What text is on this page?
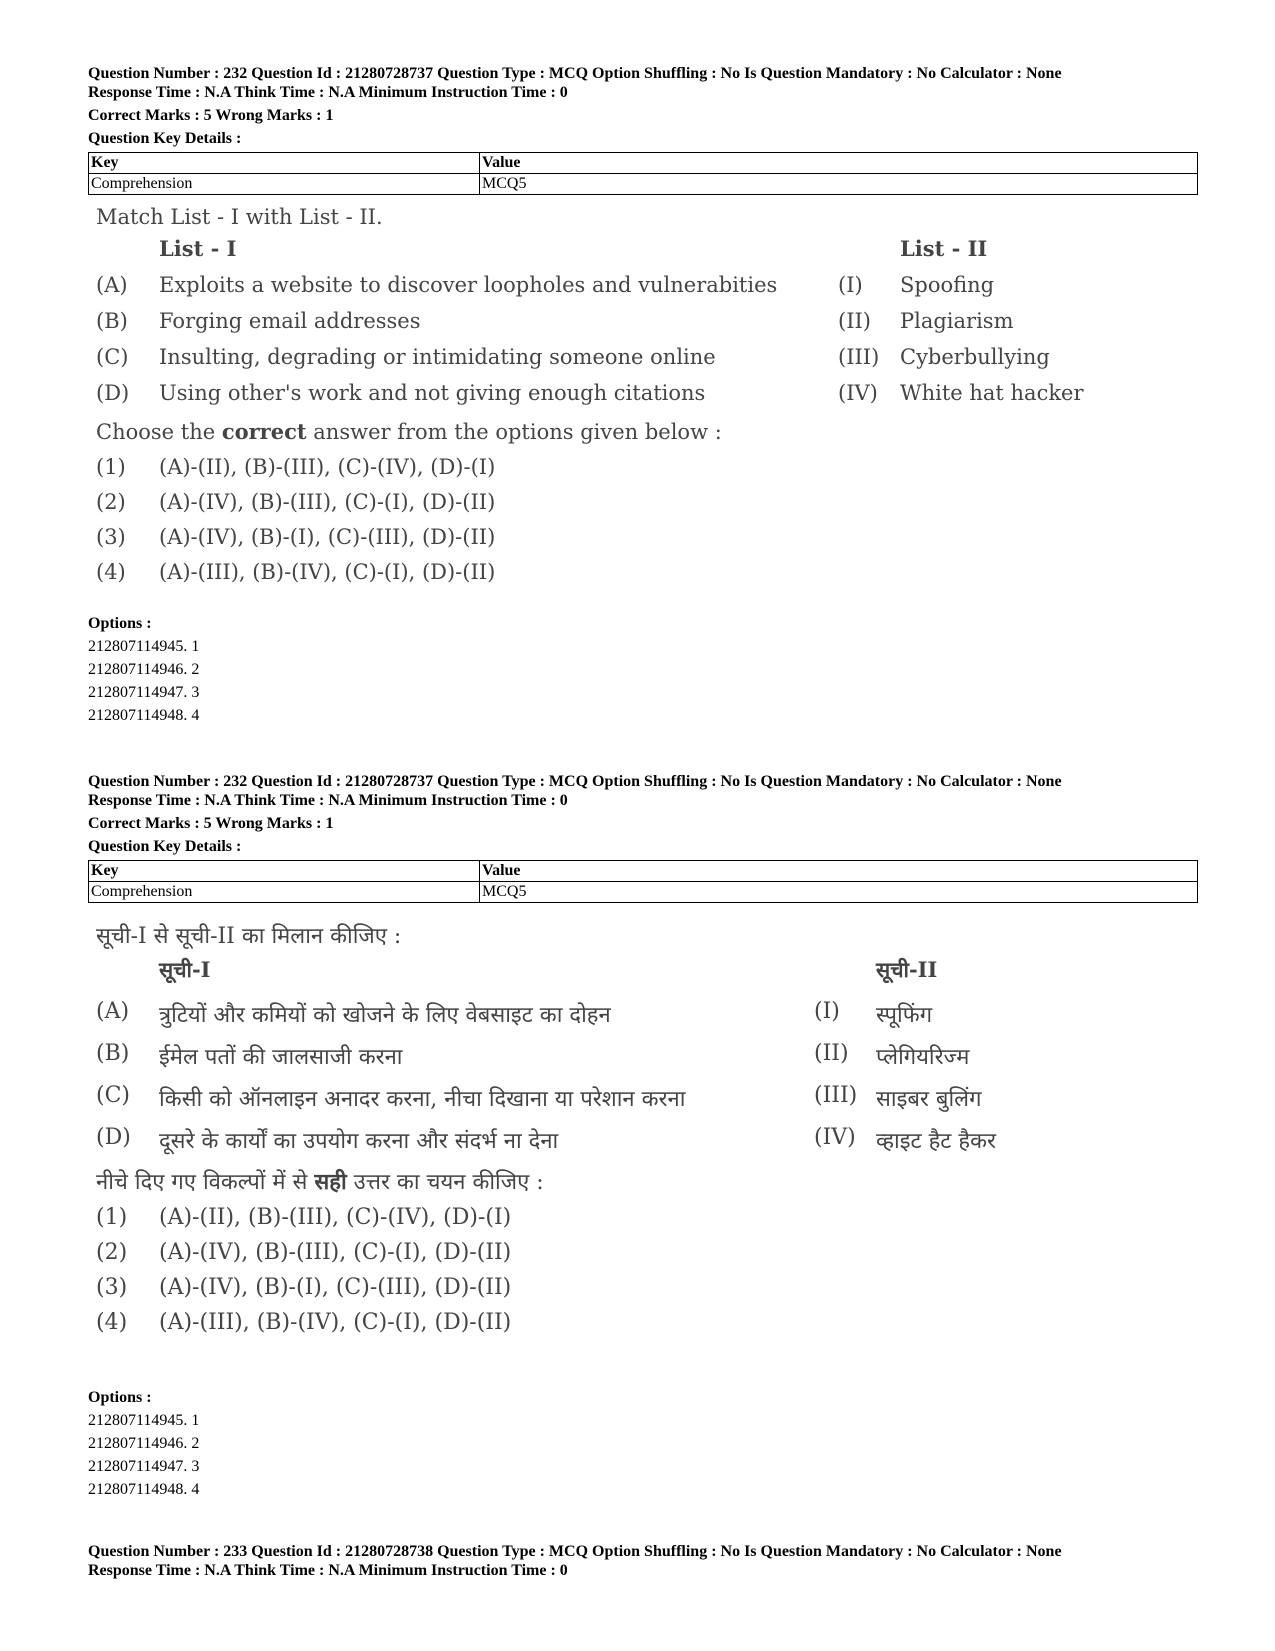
Question Number : 232 Question Id : 21280728737 Question Type : MCQ Option Shuffling : No Is Question Mandatory : No Calculator : None

Response Time : N.A Think Time : N.A Minimum Instruction Time : 0

Correct Marks : 5 Wrong Marks : 1

Question Key Details :

Key	Value
Comprehension	MCQ5

Match List - I with List - II.

List - I	List - II
(A) Exploits a website to discover loopholes and vulnerabities	(I) Spoofing
(B) Forging email addresses	(II) Plagiarism
(C) Insulting, degrading or intimidating someone online	(III) Cyberbullying
(D) Using other's work and not giving enough citations	(IV) White hat hacker
Choose the correct answer from the options given below :
(1) (A)-(II), (B)-(III), (C)-(IV), (D)-(I)
(2) (A)-(IV), (B)-(III), (C)-(I), (D)-(II)
(3) (A)-(IV), (B)-(I), (C)-(III), (D)-(II)
(4) (A)-(III), (B)-(IV), (C)-(I), (D)-(II)
Options :
212807114945. 1
212807114946. 2
212807114947. 3
212807114948. 4

Question Number : 232 Question Id : 21280728737 Question Type : MCQ Option Shuffling : No Is Question Mandatory : No Calculator : None

Response Time : N.A Think Time : N.A Minimum Instruction Time : 0

Correct Marks : 5 Wrong Marks : 1

Question Key Details :

Key	Value
Comprehension	MCQ5

सूची-I से सूची-II का मिलान कीजिए :

सूची-I	सूची-II
(A) त्रुटियों और कमियों को खोजने के लिए वेबसाइट का दोहन	(I) स्पूफिंग
(B) ईमेल पतों की जालसाजी करना	(II) प्लेगियरिज्म
(C) किसी को ऑनलाइन अनादर करना, नीचा दिखाना या परेशान करना	(III) साइबर बुलिंग
(D) दूसरे के कार्यों का उपयोग करना और संदर्भ ना देना	(IV) व्हाइट हैट हैकर
नीचे दिए गए विकल्पों में से सही उत्तर का चयन कीजिए :
(1) (A)-(II), (B)-(III), (C)-(IV), (D)-(I)
(2) (A)-(IV), (B)-(III), (C)-(I), (D)-(II)
(3) (A)-(IV), (B)-(I), (C)-(III), (D)-(II)
(4) (A)-(III), (B)-(IV), (C)-(I), (D)-(II)
Options :
212807114945. 1
212807114946. 2
212807114947. 3
212807114948. 4

Question Number : 233 Question Id : 21280728738 Question Type : MCQ Option Shuffling : No Is Question Mandatory : No Calculator : None

Response Time : N.A Think Time : N.A Minimum Instruction Time : 0
